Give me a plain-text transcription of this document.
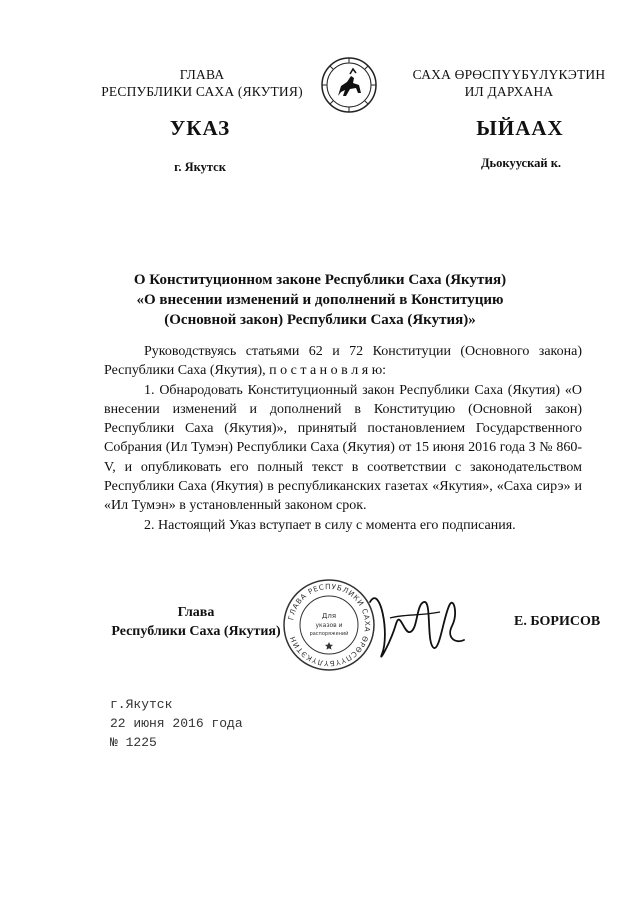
ГЛАВА
РЕСПУБЛИКИ САХА (ЯКУТИЯ)
САХА ӨРӨСПҮҮБҮЛҮКЭТИН
ИЛ ДАРХАНА
УКАЗ	ЫЙААХ
г. Якутск	Дьокуускай к.
О Конституционном законе Республики Саха (Якутия)
«О внесении изменений и дополнений в Конституцию
(Основной закон) Республики Саха (Якутия)»

Руководствуясь статьями 62 и 72 Конституции (Основного закона) Республики Саха (Якутия), п о с т а н о в л я ю:

1. Обнародовать Конституционный закон Республики Саха (Якутия) «О внесении изменений и дополнений в Конституцию (Основной закон) Республики Саха (Якутия)», принятый постановлением Государственного Собрания (Ил Тумэн) Республики Саха (Якутия) от 15 июня 2016 года З № 860-V, и опубликовать его полный текст в соответствии с законодательством Республики Саха (Якутия) в республиканских газетах «Якутия», «Саха сирэ» и «Ил Тумэн» в установленный законом срок.

2. Настоящий Указ вступает в силу с момента его подписания.

Глава
Республики Саха (Якутия)
ГЛАВА РЕСПУБЛИКИ САХА ӨРӨСПҮҮБҮЛҮКЭТИН
Для
указов и
распоряжений
Е. БОРИСОВ
г.Якутск
22 июня 2016 года
№ 1225
